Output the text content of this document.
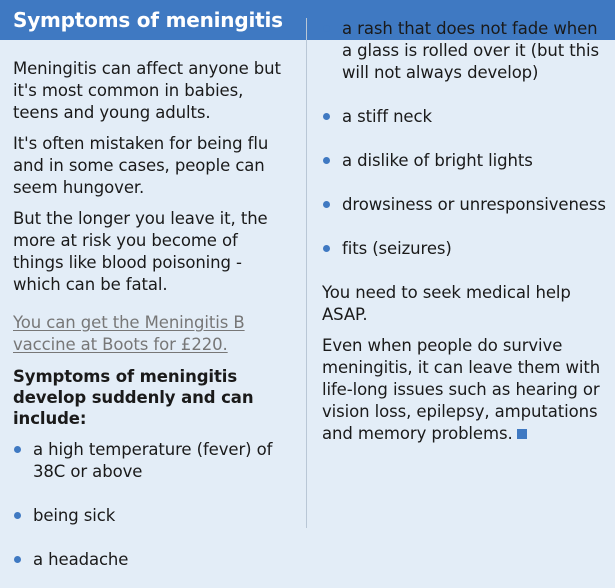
Symptoms of meningitis

Meningitis can affect anyone but it's most common in babies, teens and young adults.

It's often mistaken for being flu and in some cases, people can seem hungover.

But the longer you leave it, the more at risk you become of things like blood poisoning - which can be fatal.

You can get the Meningitis B vaccine at Boots for £220.

Symptoms of meningitis develop suddenly and can include:

a high temperature (fever) of 38C or above
being sick
a headache
a rash that does not fade when a glass is rolled over it (but this will not always develop)
a stiff neck
a dislike of bright lights
drowsiness or unresponsiveness
fits (seizures)

You need to seek medical help ASAP.

Even when people do survive meningitis, it can leave them with life-long issues such as hearing or vision loss, epilepsy, amputations and memory problems.
